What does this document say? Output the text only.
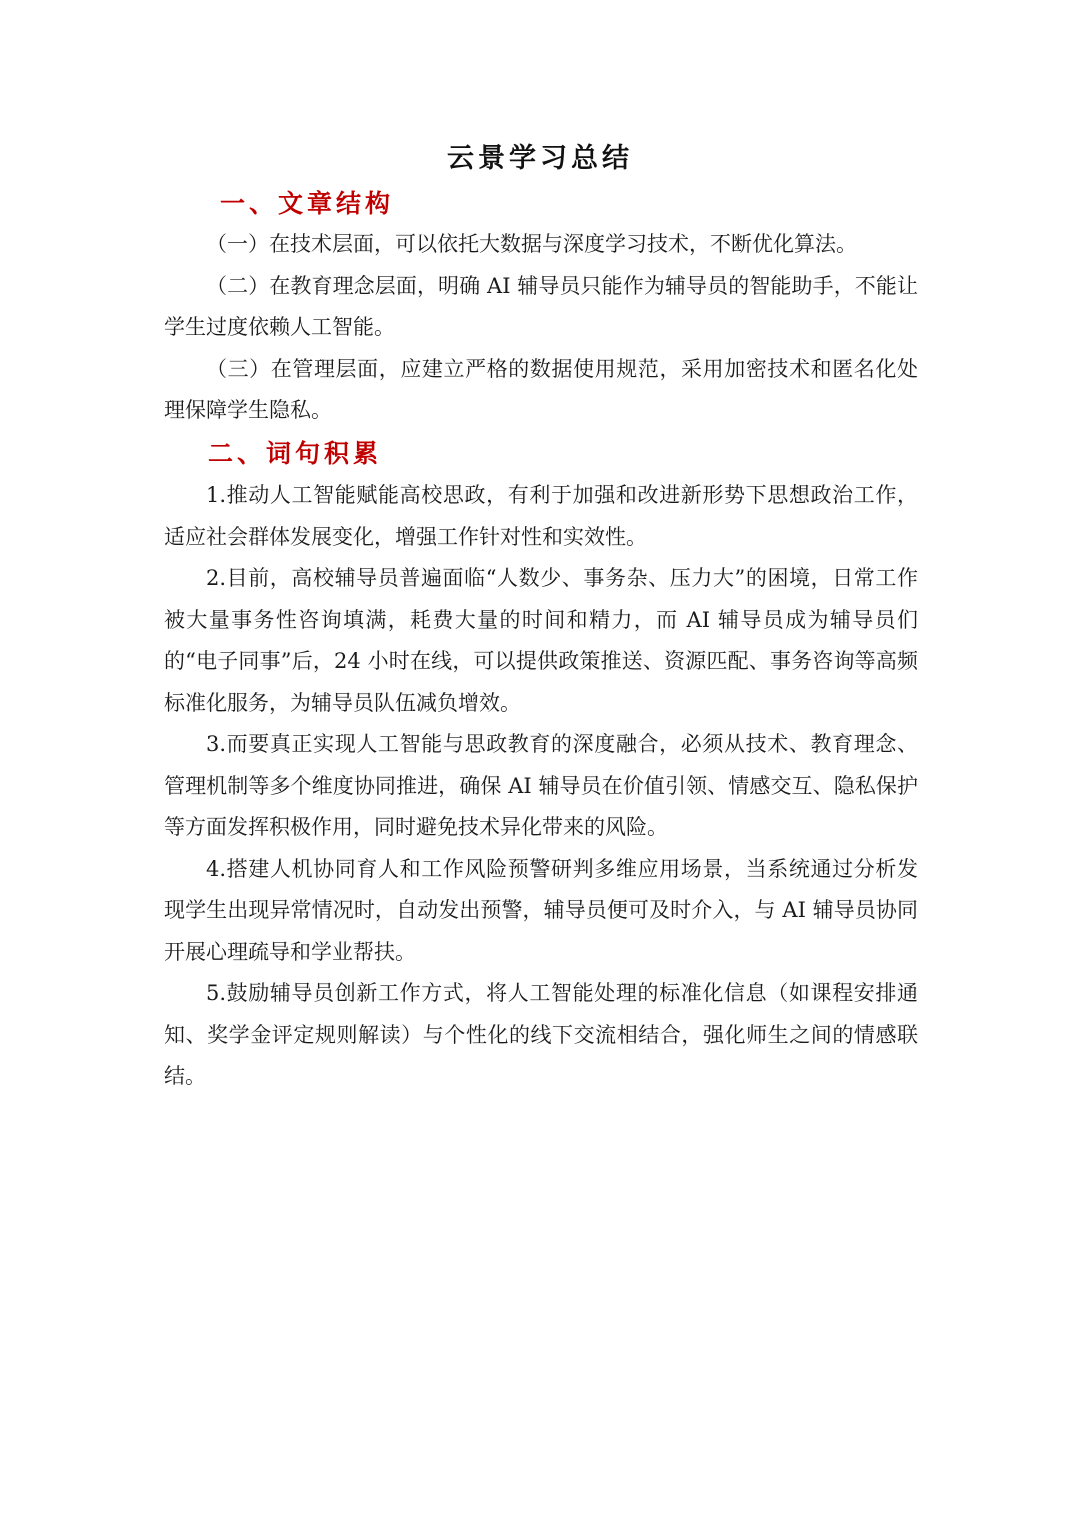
云景学习总结
一、文章结构

（一）在技术层面，可以依托大数据与深度学习技术，不断优化算法。

（二）在教育理念层面，明确 AI 辅导员只能作为辅导员的智能助手，不能让学生过度依赖人工智能。

（三）在管理层面，应建立严格的数据使用规范，采用加密技术和匿名化处理保障学生隐私。

二、词句积累

1.推动人工智能赋能高校思政，有利于加强和改进新形势下思想政治工作，适应社会群体发展变化，增强工作针对性和实效性。

2.目前，高校辅导员普遍面临“人数少、事务杂、压力大”的困境，日常工作被大量事务性咨询填满，耗费大量的时间和精力，而 AI 辅导员成为辅导员们的“电子同事”后，24 小时在线，可以提供政策推送、资源匹配、事务咨询等高频标准化服务，为辅导员队伍减负增效。

3.而要真正实现人工智能与思政教育的深度融合，必须从技术、教育理念、管理机制等多个维度协同推进，确保 AI 辅导员在价值引领、情感交互、隐私保护等方面发挥积极作用，同时避免技术异化带来的风险。

4.搭建人机协同育人和工作风险预警研判多维应用场景，当系统通过分析发现学生出现异常情况时，自动发出预警，辅导员便可及时介入，与 AI 辅导员协同开展心理疏导和学业帮扶。

5.鼓励辅导员创新工作方式，将人工智能处理的标准化信息（如课程安排通知、奖学金评定规则解读）与个性化的线下交流相结合，强化师生之间的情感联结。
